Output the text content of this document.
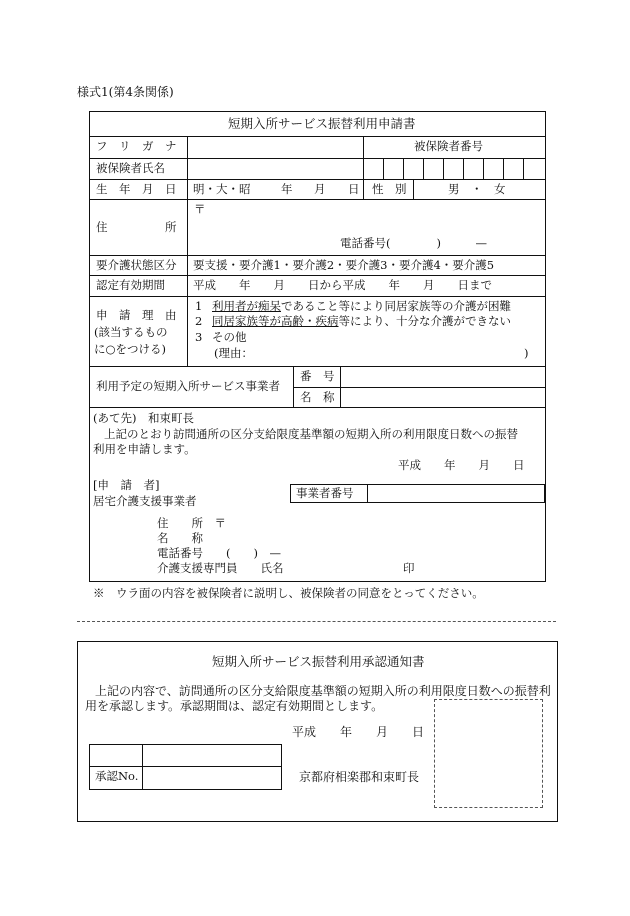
様式1(第4条関係)
短期入所サービス振替利用申請書
フ　リ　ガ　ナ	被保険者番号
被保険者氏名
生　年　月　日 明・大・昭	年 月 日 性　別	男　・　女
住　　　　　所
〒
電話番号(　　　　)　　　—
要介護状態区分 要支援・要介護1・要介護2・要介護3・要介護4・要介護5
認定有効期間 平成　　年　　月　　日から平成　　年　　月　　日まで
申　請　理　由
(該当するもの
に○をつける)
1 利用者が痴呆であること等により同居家族等の介護が困難
2 同居家族等が高齢・疾病等により、十分な介護ができない
3 その他
(理由：	)
利用予定の短期入所サービス事業者
番　号
名　称
(あて先)　和束町長
上記のとおり訪問通所の区分支給限度基準額の短期入所の利用限度日数への振替
利用を申請します。
平成　　年　　月　　日
[申　請　者]
居宅介護支援事業者
事業者番号
住　　所　〒
名　　称
電話番号　　(　　)　—
介護支援専門員　　氏名	印
※　ウラ面の内容を被保険者に説明し、被保険者の同意をとってください。
短期入所サービス振替利用承認通知書
上記の内容で、訪問通所の区分支給限度基準額の短期入所の利用限度日数への振替利
用を承認します。承認期間は、認定有効期間とします。
平成　　年　　月　　日
承認No.	京都府相楽郡和束町長
